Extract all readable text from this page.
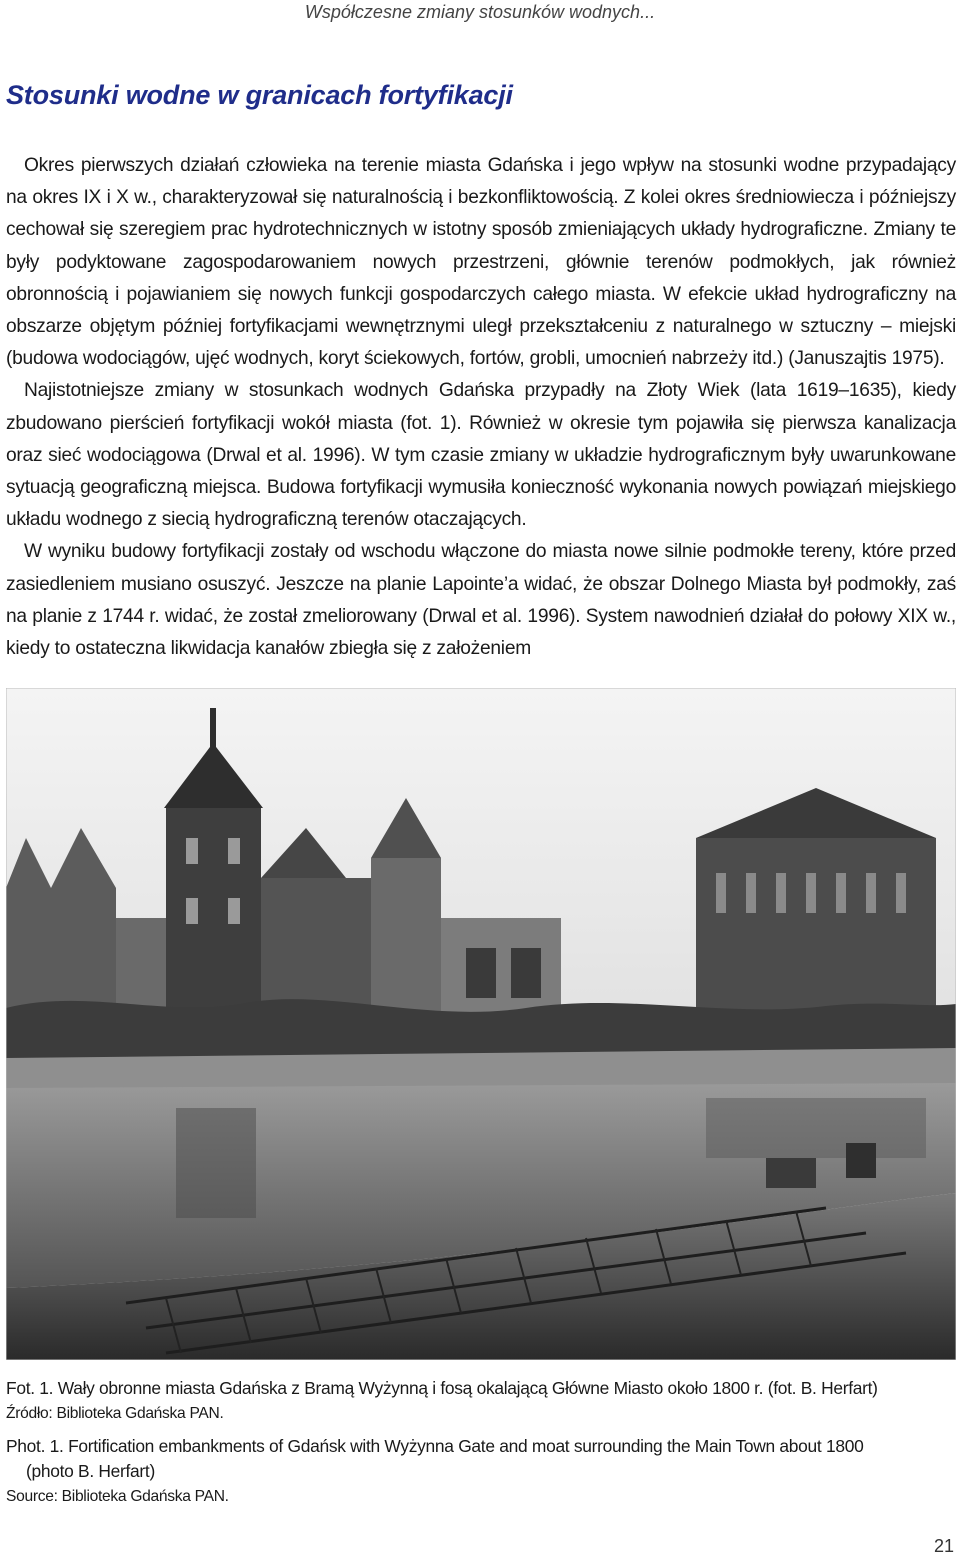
Współczesne zmiany stosunków wodnych...
Stosunki wodne w granicach fortyfikacji

Okres pierwszych działań człowieka na terenie miasta Gdańska i jego wpływ na stosunki wodne przypadający na okres IX i X w., charakteryzował się naturalnością i bezkonfliktowością. Z kolei okres średniowiecza i późniejszy cechował się szeregiem prac hydrotechnicznych w istotny sposób zmieniających układy hydrograficzne. Zmiany te były podyktowane zagospodarowaniem nowych przestrzeni, głównie terenów podmokłych, jak również obronnością i pojawianiem się nowych funkcji gospodarczych całego miasta. W efekcie układ hydrograficzny na obszarze objętym później fortyfikacjami wewnętrznymi uległ przekształceniu z naturalnego w sztuczny – miejski (budowa wodociągów, ujęć wodnych, koryt ściekowych, fortów, grobli, umocnień nabrzeży itd.) (Januszajtis 1975).

Najistotniejsze zmiany w stosunkach wodnych Gdańska przypadły na Złoty Wiek (lata 1619–1635), kiedy zbudowano pierścień fortyfikacji wokół miasta (fot. 1). Również w okresie tym pojawiła się pierwsza kanalizacja oraz sieć wodociągowa (Drwal et al. 1996). W tym czasie zmiany w układzie hydrograficznym były uwarunkowane sytuacją geograficzną miejsca. Budowa fortyfikacji wymusiła konieczność wykonania nowych powiązań miejskiego układu wodnego z siecią hydrograficzną terenów otaczających.

W wyniku budowy fortyfikacji zostały od wschodu włączone do miasta nowe silnie podmokłe tereny, które przed zasiedleniem musiano osuszyć. Jeszcze na planie Lapointe’a widać, że obszar Dolnego Miasta był podmokły, zaś na planie z 1744 r. widać, że został zmeliorowany (Drwal et al. 1996). System nawodnień działał do połowy XIX w., kiedy to ostateczna likwidacja kanałów zbiegła się z założeniem

Fot. 1. Wały obronne miasta Gdańska z Bramą Wyżynną i fosą okalającą Główne Miasto około 1800 r. (fot. B. Herfart)
Źródło: Biblioteka Gdańska PAN.
Phot. 1. Fortification embankments of Gdańsk with Wyżynna Gate and moat surrounding the Main Town about 1800
(photo B. Herfart)
Source: Biblioteka Gdańska PAN.
21
